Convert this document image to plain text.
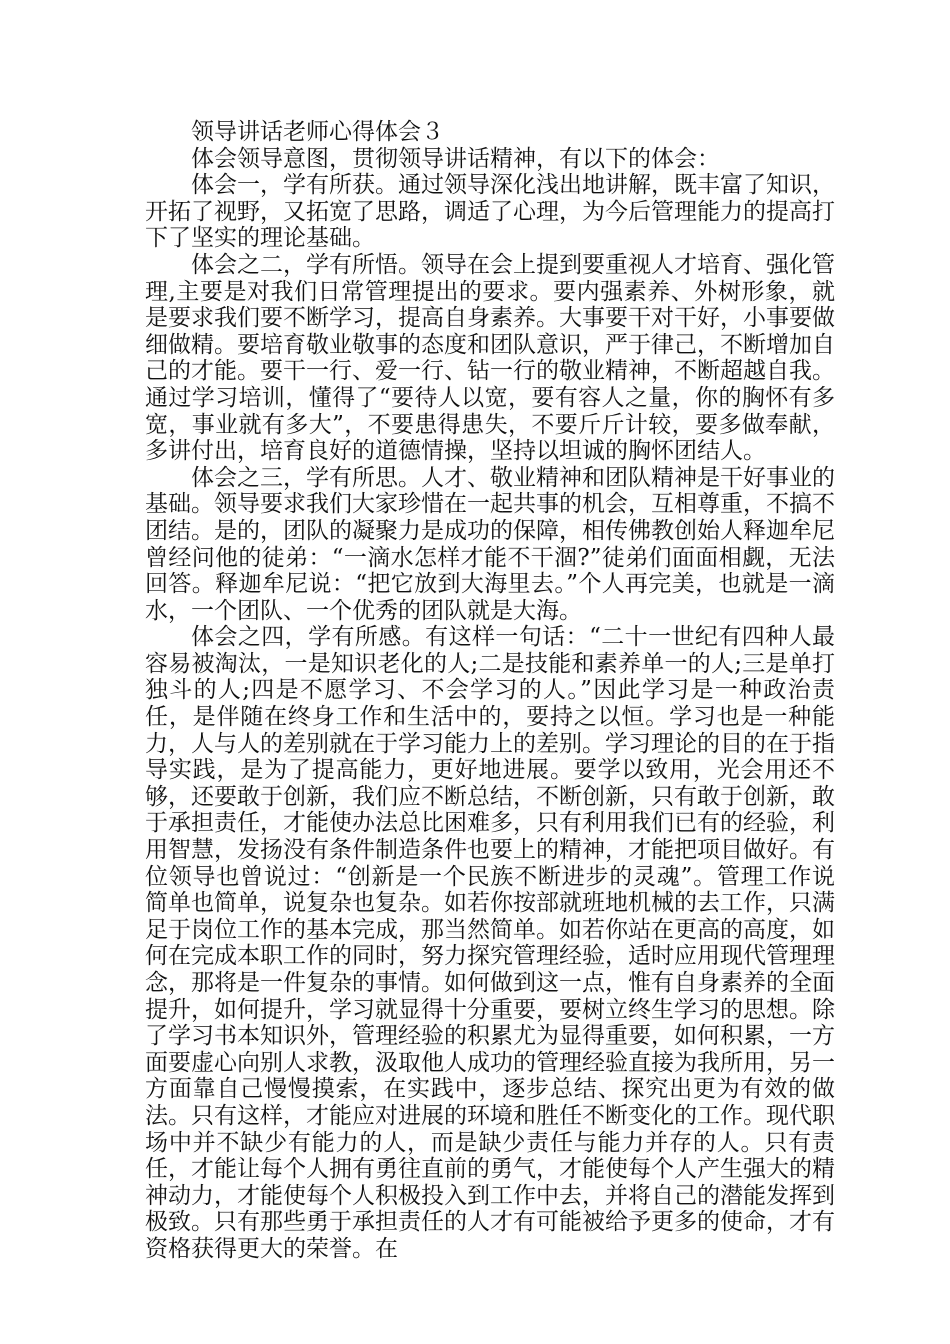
领导讲话老师心得体会３

体会领导意图，贯彻领导讲话精神，有以下的体会：

体会一，学有所获。通过领导深化浅出地讲解，既丰富了知识，开拓了视野，又拓宽了思路，调适了心理，为今后管理能力的提高打下了坚实的理论基础。

体会之二，学有所悟。领导在会上提到要重视人才培育、强化管理,主要是对我们日常管理提出的要求。要内强素养、外树形象，就是要求我们要不断学习，提高自身素养。大事要干对干好，小事要做细做精。要培育敬业敬事的态度和团队意识，严于律己，不断增加自己的才能。要干一行、爱一行、钻一行的敬业精神，不断超越自我。通过学习培训，懂得了“要待人以宽，要有容人之量，你的胸怀有多宽，事业就有多大”，不要患得患失，不要斤斤计较，要多做奉献，多讲付出，培育良好的道德情操，坚持以坦诚的胸怀团结人。

体会之三，学有所思。人才、敬业精神和团队精神是干好事业的基础。领导要求我们大家珍惜在一起共事的机会，互相尊重，不搞不团结。是的，团队的凝聚力是成功的保障，相传佛教创始人释迦牟尼曾经问他的徒弟：“一滴水怎样才能不干涸?”徒弟们面面相觑，无法回答。释迦牟尼说：“把它放到大海里去。”个人再完美，也就是一滴水，一个团队、一个优秀的团队就是大海。

体会之四，学有所感。有这样一句话：“二十一世纪有四种人最容易被淘汰，一是知识老化的人;二是技能和素养单一的人;三是单打独斗的人;四是不愿学习、不会学习的人。”因此学习是一种政治责任，是伴随在终身工作和生活中的，要持之以恒。学习也是一种能力，人与人的差别就在于学习能力上的差别。学习理论的目的在于指导实践，是为了提高能力，更好地进展。要学以致用，光会用还不够，还要敢于创新，我们应不断总结，不断创新，只有敢于创新，敢于承担责任，才能使办法总比困难多，只有利用我们已有的经验，利用智慧，发扬没有条件制造条件也要上的精神，才能把项目做好。有位领导也曾说过：“创新是一个民族不断进步的灵魂”。管理工作说简单也简单，说复杂也复杂。如若你按部就班地机械的去工作，只满足于岗位工作的基本完成，那当然简单。如若你站在更高的高度，如何在完成本职工作的同时，努力探究管理经验，适时应用现代管理理念，那将是一件复杂的事情。如何做到这一点，惟有自身素养的全面提升，如何提升，学习就显得十分重要，要树立终生学习的思想。除了学习书本知识外，管理经验的积累尤为显得重要，如何积累，一方面要虚心向别人求教，汲取他人成功的管理经验直接为我所用，另一方面靠自己慢慢摸索，在实践中，逐步总结、探究出更为有效的做法。只有这样，才能应对进展的环境和胜任不断变化的工作。现代职场中并不缺少有能力的人，而是缺少责任与能力并存的人。只有责任，才能让每个人拥有勇往直前的勇气，才能使每个人产生强大的精神动力，才能使每个人积极投入到工作中去，并将自己的潜能发挥到极致。只有那些勇于承担责任的人才有可能被给予更多的使命，才有资格获得更大的荣誉。在
